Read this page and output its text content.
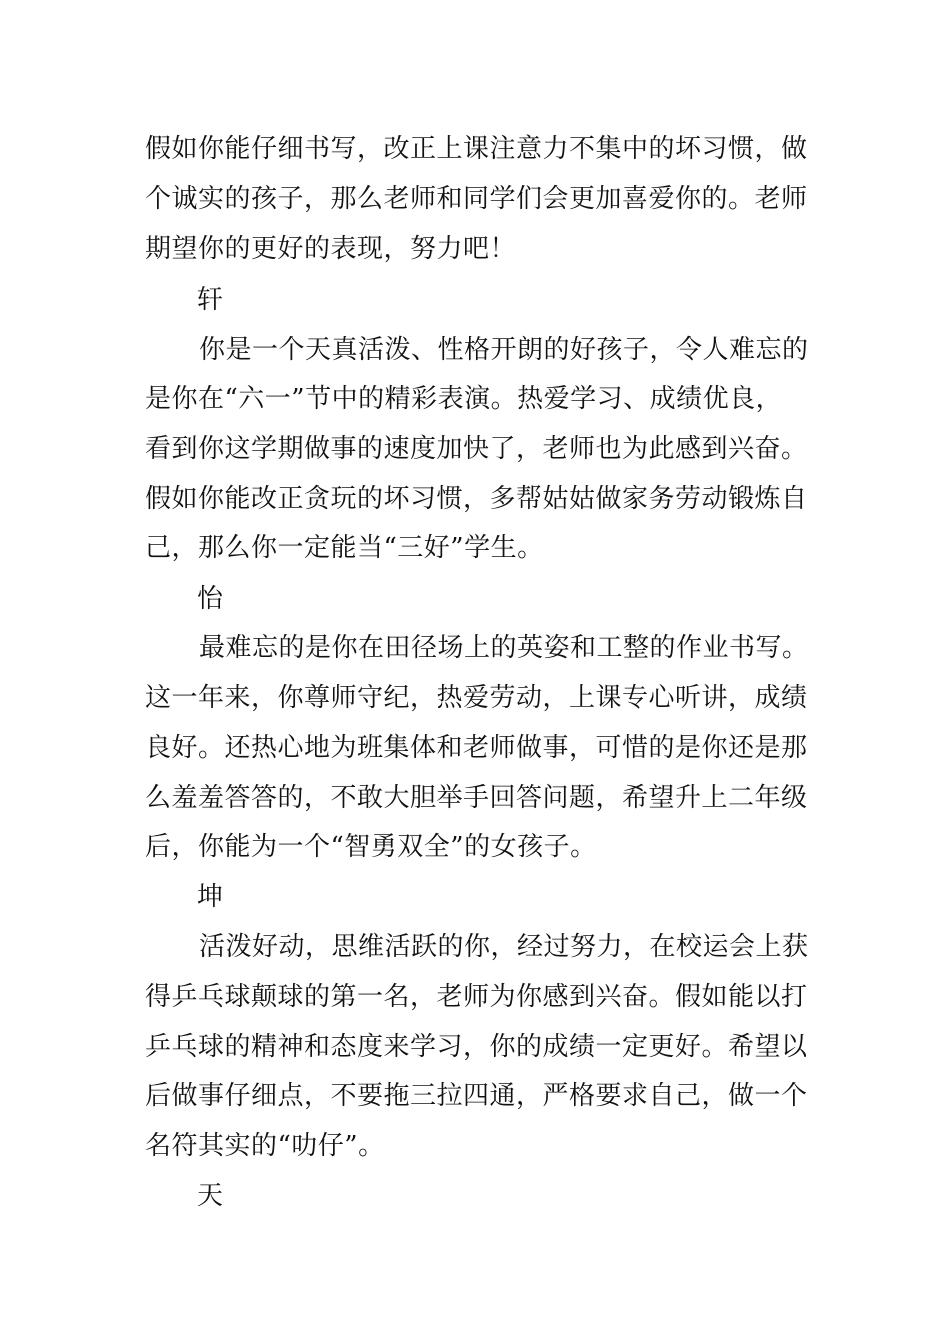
假如你能仔细书写，改正上课注意力不集中的坏习惯，做
个诚实的孩子，那么老师和同学们会更加喜爱你的。老师
期望你的更好的表现，努力吧！
轩
你是一个天真活泼、性格开朗的好孩子，令人难忘的
是你在“六一”节中的精彩表演。热爱学习、成绩优良，
看到你这学期做事的速度加快了，老师也为此感到兴奋。
假如你能改正贪玩的坏习惯，多帮姑姑做家务劳动锻炼自
己，那么你一定能当“三好”学生。
怡
最难忘的是你在田径场上的英姿和工整的作业书写。
这一年来，你尊师守纪，热爱劳动，上课专心听讲，成绩
良好。还热心地为班集体和老师做事，可惜的是你还是那
么羞羞答答的，不敢大胆举手回答问题，希望升上二年级
后，你能为一个“智勇双全”的女孩子。
坤
活泼好动，思维活跃的你，经过努力，在校运会上获
得乒乓球颠球的第一名，老师为你感到兴奋。假如能以打
乒乓球的精神和态度来学习，你的成绩一定更好。希望以
后做事仔细点，不要拖三拉四通，严格要求自己，做一个
名符其实的“叻仔”。
天
